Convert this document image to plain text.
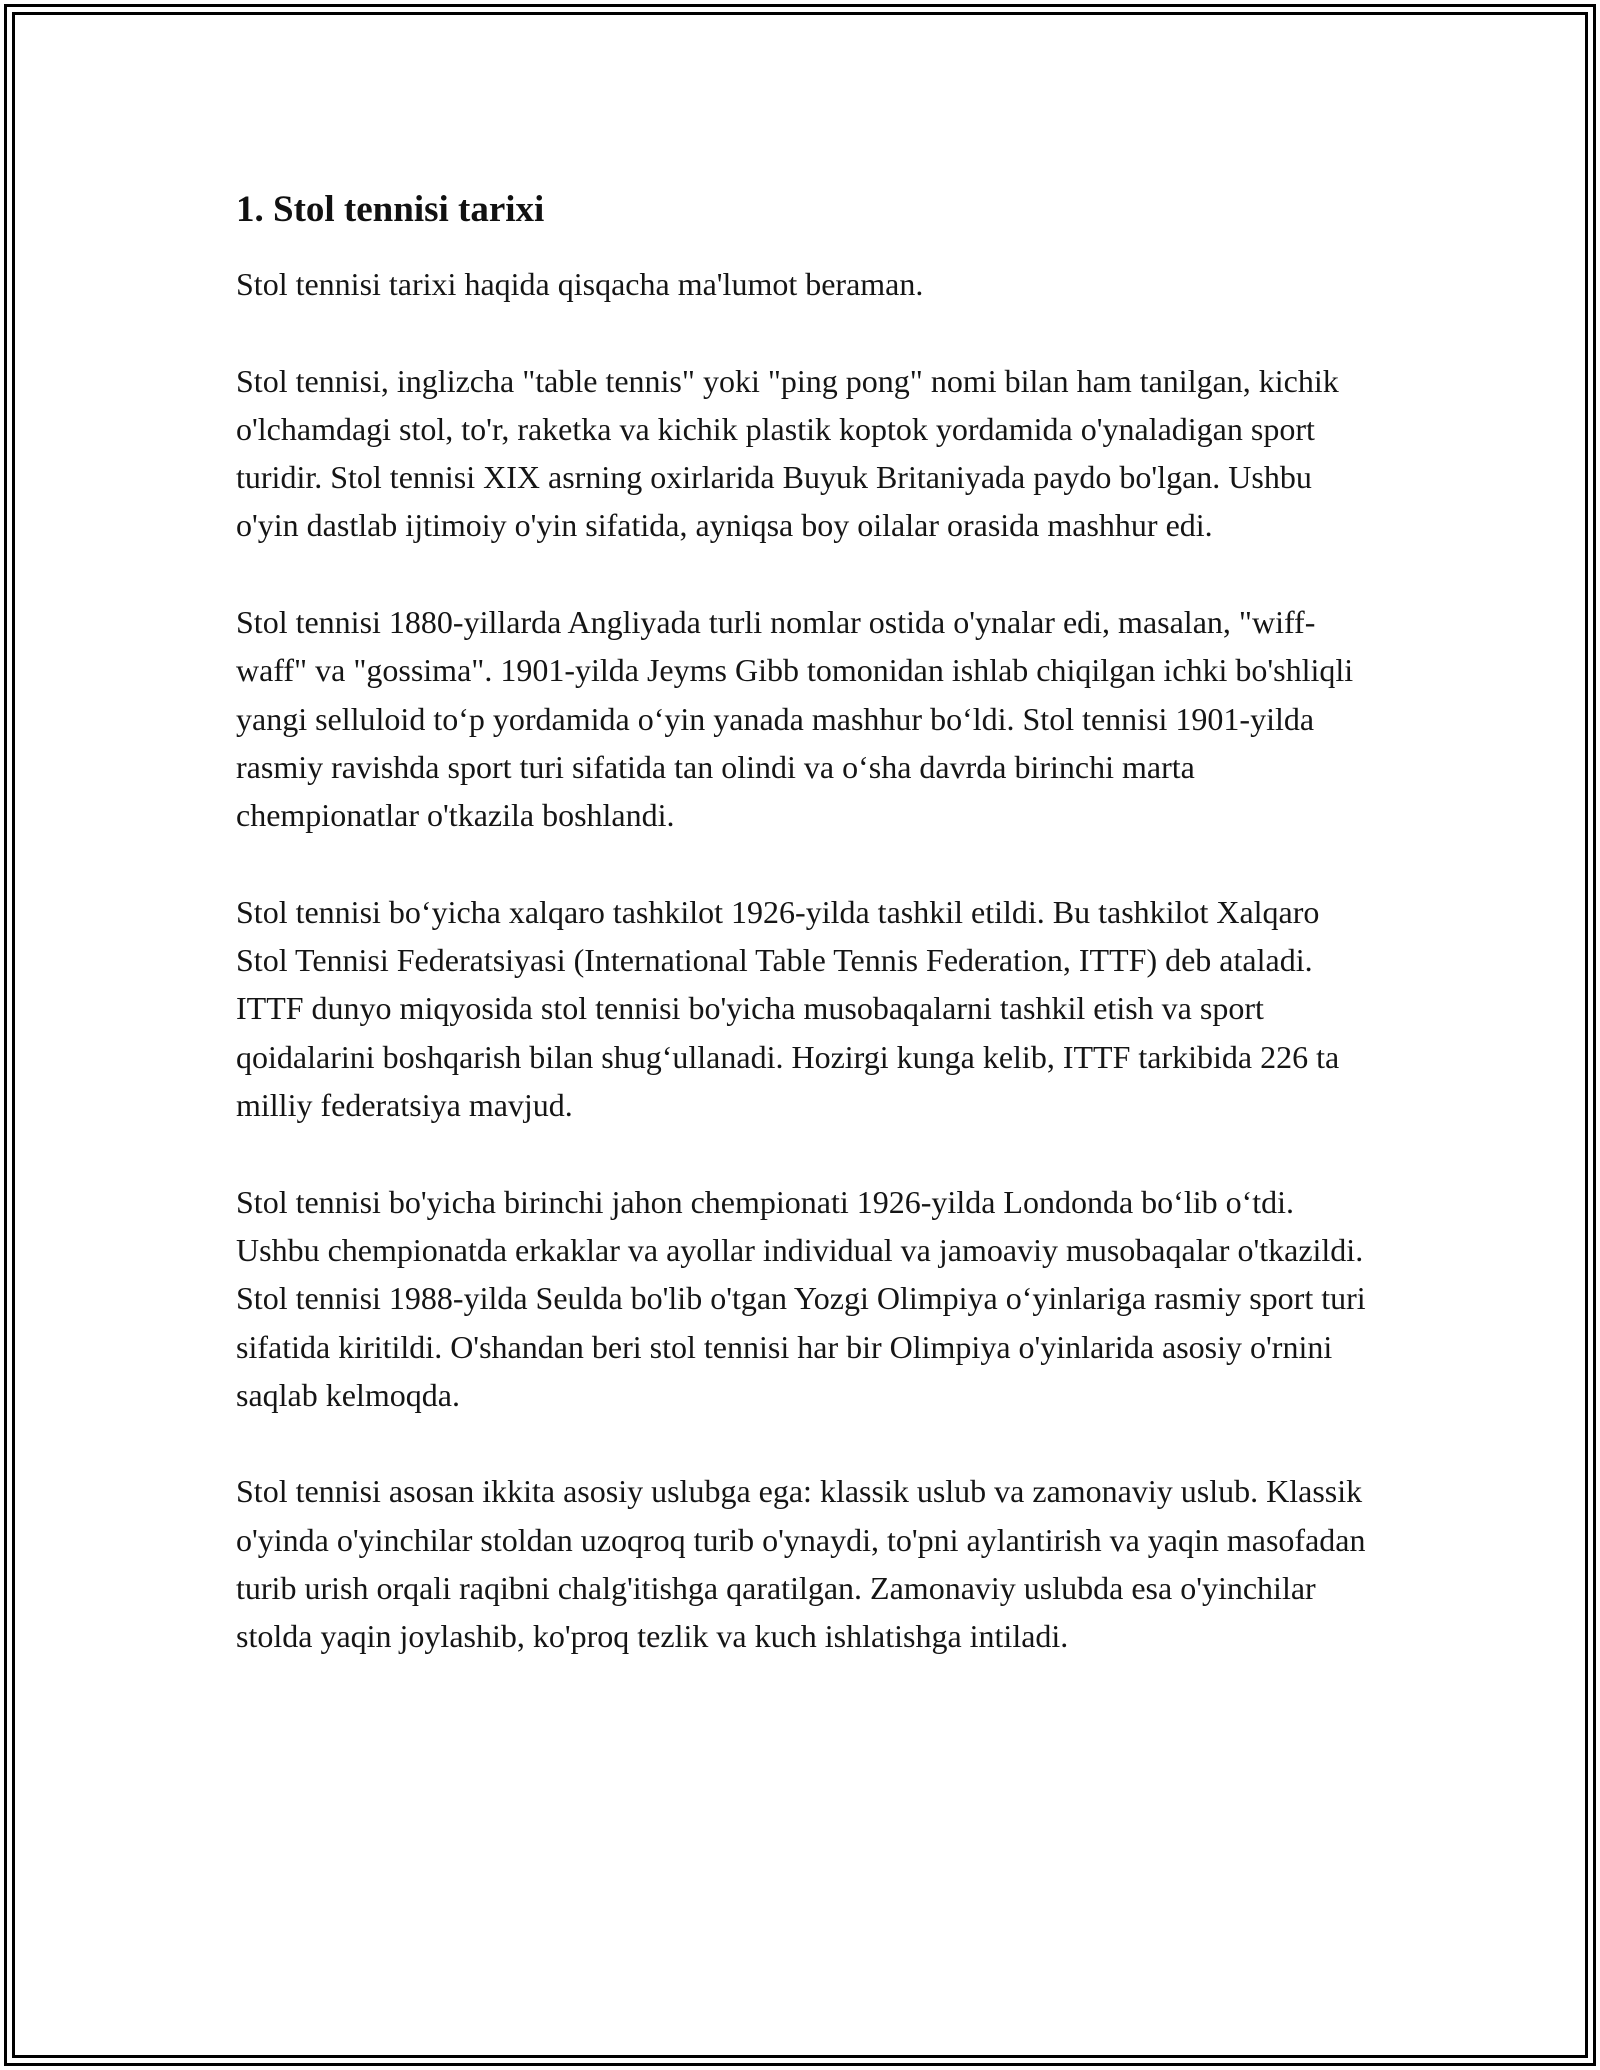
1. Stol tennisi tarixi

Stol tennisi tarixi haqida qisqacha ma'lumot beraman.

Stol tennisi, inglizcha "table tennis" yoki "ping pong" nomi bilan ham tanilgan, kichik o'lchamdagi stol, to'r, raketka va kichik plastik koptok yordamida o'ynaladigan sport turidir. Stol tennisi XIX asrning oxirlarida Buyuk Britaniyada paydo bo'lgan. Ushbu o'yin dastlab ijtimoiy o'yin sifatida, ayniqsa boy oilalar orasida mashhur edi.

Stol tennisi 1880-yillarda Angliyada turli nomlar ostida o'ynalar edi, masalan, "wiff-waff" va "gossima". 1901-yilda Jeyms Gibb tomonidan ishlab chiqilgan ichki bo'shliqli yangi selluloid to‘p yordamida o‘yin yanada mashhur bo‘ldi. Stol tennisi 1901-yilda rasmiy ravishda sport turi sifatida tan olindi va o‘sha davrda birinchi marta chempionatlar o'tkazila boshlandi.

Stol tennisi bo‘yicha xalqaro tashkilot 1926-yilda tashkil etildi. Bu tashkilot Xalqaro Stol Tennisi Federatsiyasi (International Table Tennis Federation, ITTF) deb ataladi. ITTF dunyo miqyosida stol tennisi bo'yicha musobaqalarni tashkil etish va sport qoidalarini boshqarish bilan shug‘ullanadi. Hozirgi kunga kelib, ITTF tarkibida 226 ta milliy federatsiya mavjud.

Stol tennisi bo'yicha birinchi jahon chempionati 1926-yilda Londonda bo‘lib o‘tdi. Ushbu chempionatda erkaklar va ayollar individual va jamoaviy musobaqalar o'tkazildi. Stol tennisi 1988-yilda Seulda bo'lib o'tgan Yozgi Olimpiya o‘yinlariga rasmiy sport turi sifatida kiritildi. O'shandan beri stol tennisi har bir Olimpiya o'yinlarida asosiy o'rnini saqlab kelmoqda.

Stol tennisi asosan ikkita asosiy uslubga ega: klassik uslub va zamonaviy uslub. Klassik o'yinda o'yinchilar stoldan uzoqroq turib o'ynaydi, to'pni aylantirish va yaqin masofadan turib urish orqali raqibni chalg'itishga qaratilgan. Zamonaviy uslubda esa o'yinchilar stolda yaqin joylashib, ko'proq tezlik va kuch ishlatishga intiladi.
